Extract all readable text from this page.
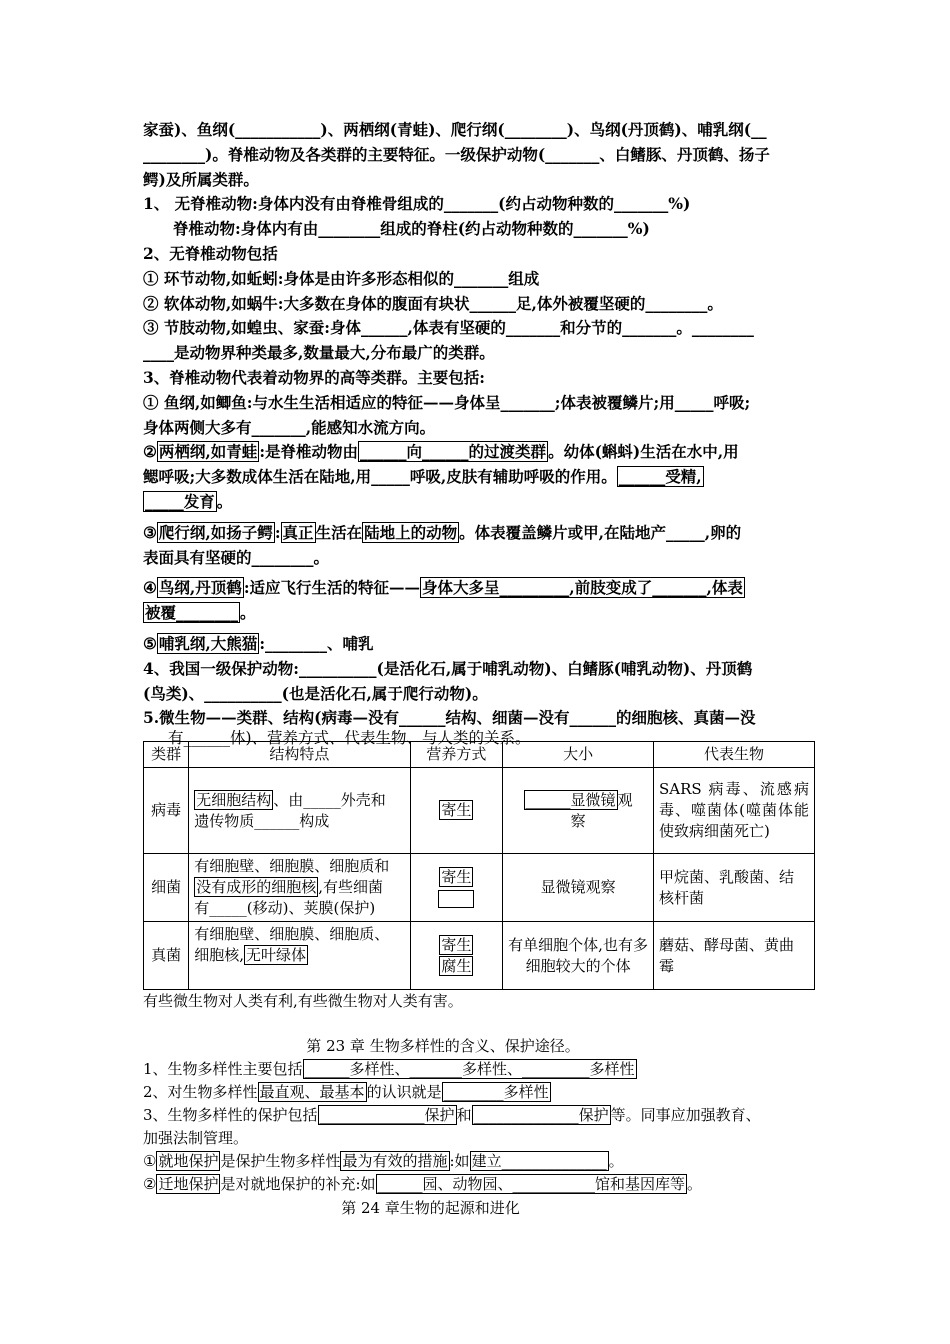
家蚕)、鱼纲(___________)、两栖纲(青蛙)、爬行纲(________)、鸟纲(丹顶鹤)、哺乳纲(__
________)。脊椎动物及各类群的主要特征。一级保护动物(_______、白鳍豚、丹顶鹤、扬子
鳄)及所属类群。
1、 无脊椎动物:身体内没有由脊椎骨组成的_______(约占动物种数的_______%)
脊椎动物:身体内有由________组成的脊柱(约占动物种数的_______%)
2、无脊椎动物包括
① 环节动物,如蚯蚓:身体是由许多形态相似的_______组成
② 软体动物,如蜗牛:大多数在身体的腹面有块状______足,体外被覆坚硬的________。
③ 节肢动物,如蝗虫、家蚕:身体______,体表有坚硬的_______和分节的_______。________
____是动物界种类最多,数量最大,分布最广的类群。
3、脊椎动物代表着动物界的高等类群。主要包括:
① 鱼纲,如鲫鱼:与水生生活相适应的特征——身体呈_______;体表被覆鳞片;用_____呼吸;
身体两侧大多有_______,能感知水流方向。
② 两栖纲,如青蛙 :是脊椎动物由 ______向______的过渡类群 。幼体(蝌蚪)生活在水中,用
鳃呼吸;大多数成体生活在陆地,用_____呼吸,皮肤有辅助呼吸的作用。 ______受精,
_____发育 。
③ 爬行纲,如扬子鳄 : 真正 生活在 陆地上的动物 。体表覆盖鳞片或甲,在陆地产_____,卵的
表面具有坚硬的________。
④ 鸟纲,丹顶鹤 :适应飞行生活的特征—— 身体大多呈_________,前肢变成了_______,体表
被覆________ 。
⑤ 哺乳纲,大熊猫 :________、哺乳
4、我国一级保护动物:__________(是活化石,属于哺乳动物)、白鳍豚(哺乳动物)、丹顶鹤
(鸟类)、__________(也是活化石,属于爬行动物)。
5.微生物——类群、结构(病毒—没有______结构、细菌—没有______的细胞核、真菌—没
有______体)、营养方式、代表生物、与人类的关系。
类群	结构特点	营养方式	大小	代表生物
病毒	无细胞结构 、由_____外壳和
遗传物质______构成	寄生	______显微镜 观
察	SARS 病毒、流感病毒、噬菌体(噬菌体能使致病细菌死亡)
细菌	有细胞壁、细胞膜、细胞质和
没有成形的细胞核 ,有些细菌
有_____(移动)、荚膜(保护)	寄生	显微镜观察	甲烷菌、乳酸菌、结核杆菌
真菌	有细胞壁、细胞膜、细胞质、
细胞核, 无叶绿体	寄生
腐生	有单细胞个体,也有多细胞较大的个体	蘑菇、酵母菌、黄曲霉
有些微生物对人类有利,有些微生物对人类有害。
第 23 章 生物多样性的含义、保护途径。
1、生物多样性主要包括 ______多样性、_______多样性、_________多样性
2、对生物多样性 最直观、最基本 的认识就是 ________多样性
3、生物多样性的保护包括 ______________保护 和 ______________保护 等。同事应加强教育、
加强法制管理。
① 就地保护 是保护生物多样性 最为有效的措施 :如 建立______________ 。
② 迁地保护 是对就地保护的补充:如 ______园、动物园、___________馆和基因库等 。
第 24 章生物的起源和进化
